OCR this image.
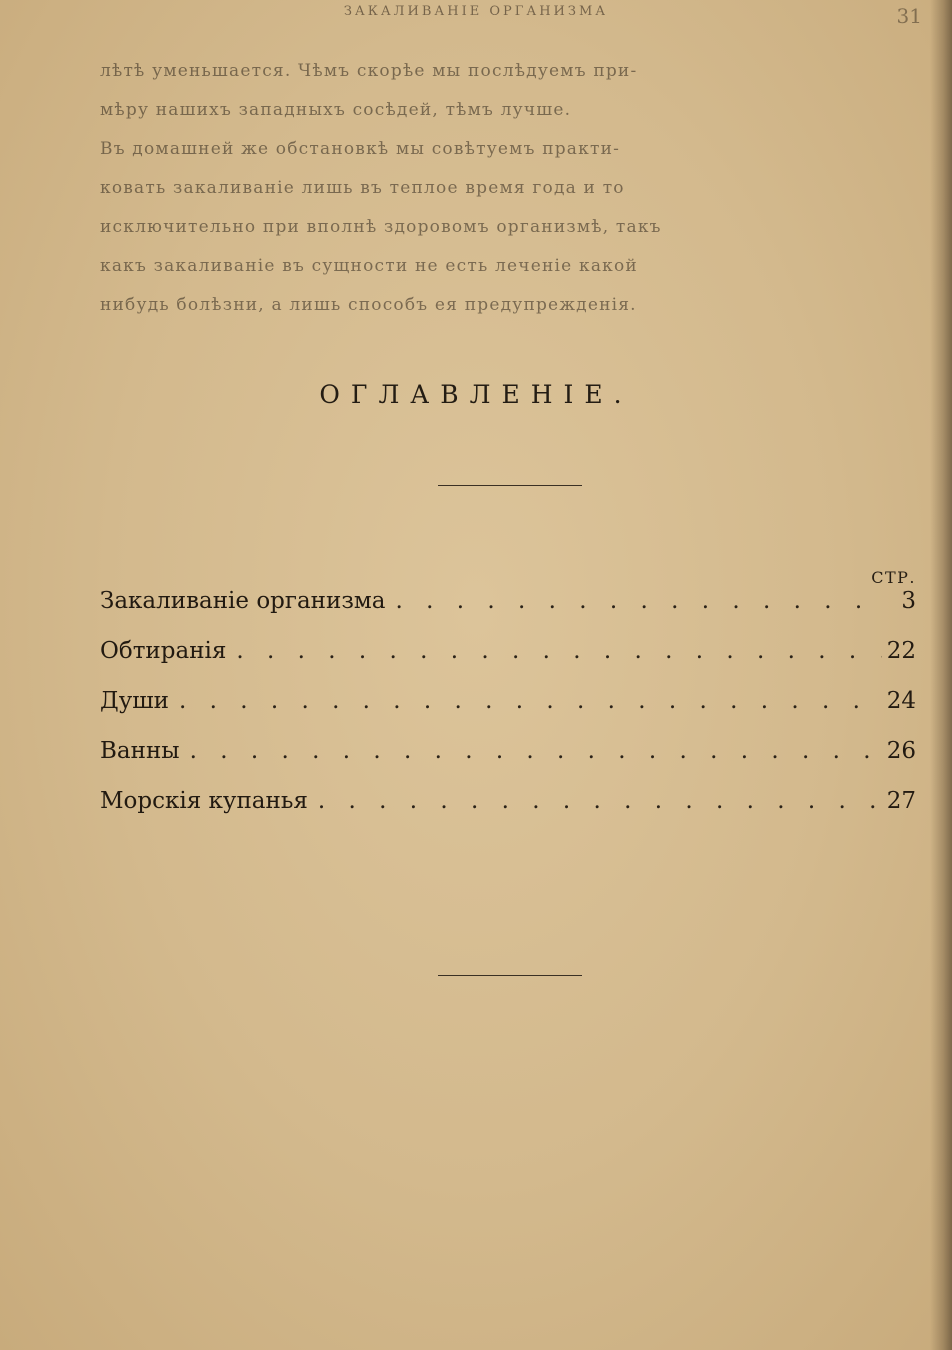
ЗАКАЛИВАНІЕ ОРГАНИЗМА	31
лѣтѣ уменьшается. Чѣмъ скорѣе мы послѣдуемъ при-
мѣру нашихъ западныхъ сосѣдей, тѣмъ лучше.
Въ домашней же обстановкѣ мы совѣтуемъ практи-
ковать закаливаніе лишь въ теплое время года и то
исключительно при вполнѣ здоровомъ организмѣ, такъ
какъ закаливаніе въ сущности не есть леченіе какой
нибудь болѣзни, а лишь способъ ея предупрежденія.
ОГЛАВЛЕНІЕ.
СТР.
Закаливаніе организма . . .	3
Обтиранія . . .	22
Души . . .	24
Ванны . . .	26
Морскія купанья . . .	27
